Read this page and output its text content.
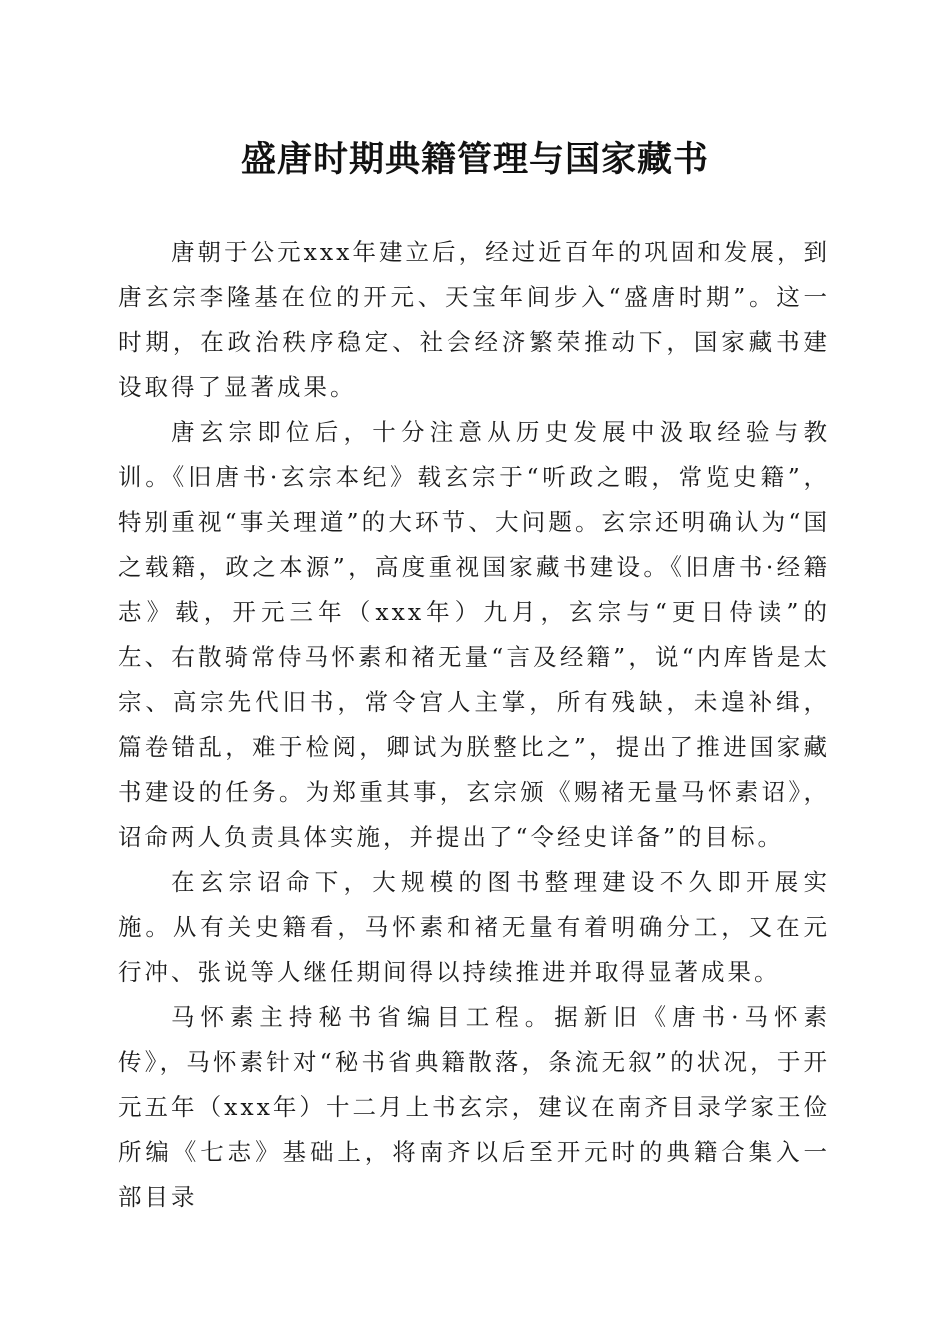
盛唐时期典籍管理与国家藏书

唐朝于公元xxx年建立后，经过近百年的巩固和发展，到唐玄宗李隆基在位的开元、天宝年间步入“盛唐时期”。这一时期，在政治秩序稳定、社会经济繁荣推动下，国家藏书建设取得了显著成果。

唐玄宗即位后，十分注意从历史发展中汲取经验与教训。《旧唐书·玄宗本纪》载玄宗于“听政之暇，常览史籍”，特别重视“事关理道”的大环节、大问题。玄宗还明确认为“国之载籍，政之本源”，高度重视国家藏书建设。《旧唐书·经籍志》载，开元三年（xxx年）九月，玄宗与“更日侍读”的左、右散骑常侍马怀素和褚无量“言及经籍”，说“内库皆是太宗、高宗先代旧书，常令宫人主掌，所有残缺，未遑补缉，篇卷错乱，难于检阅，卿试为朕整比之”，提出了推进国家藏书建设的任务。为郑重其事，玄宗颁《赐褚无量马怀素诏》，诏命两人负责具体实施，并提出了“令经史详备”的目标。

在玄宗诏命下，大规模的图书整理建设不久即开展实施。从有关史籍看，马怀素和褚无量有着明确分工，又在元行冲、张说等人继任期间得以持续推进并取得显著成果。

马怀素主持秘书省编目工程。据新旧《唐书·马怀素传》，马怀素针对“秘书省典籍散落，条流无叙”的状况，于开元五年（xxx年）十二月上书玄宗，建议在南齐目录学家王俭所编《七志》基础上，将南齐以后至开元时的典籍合集入一部目录
